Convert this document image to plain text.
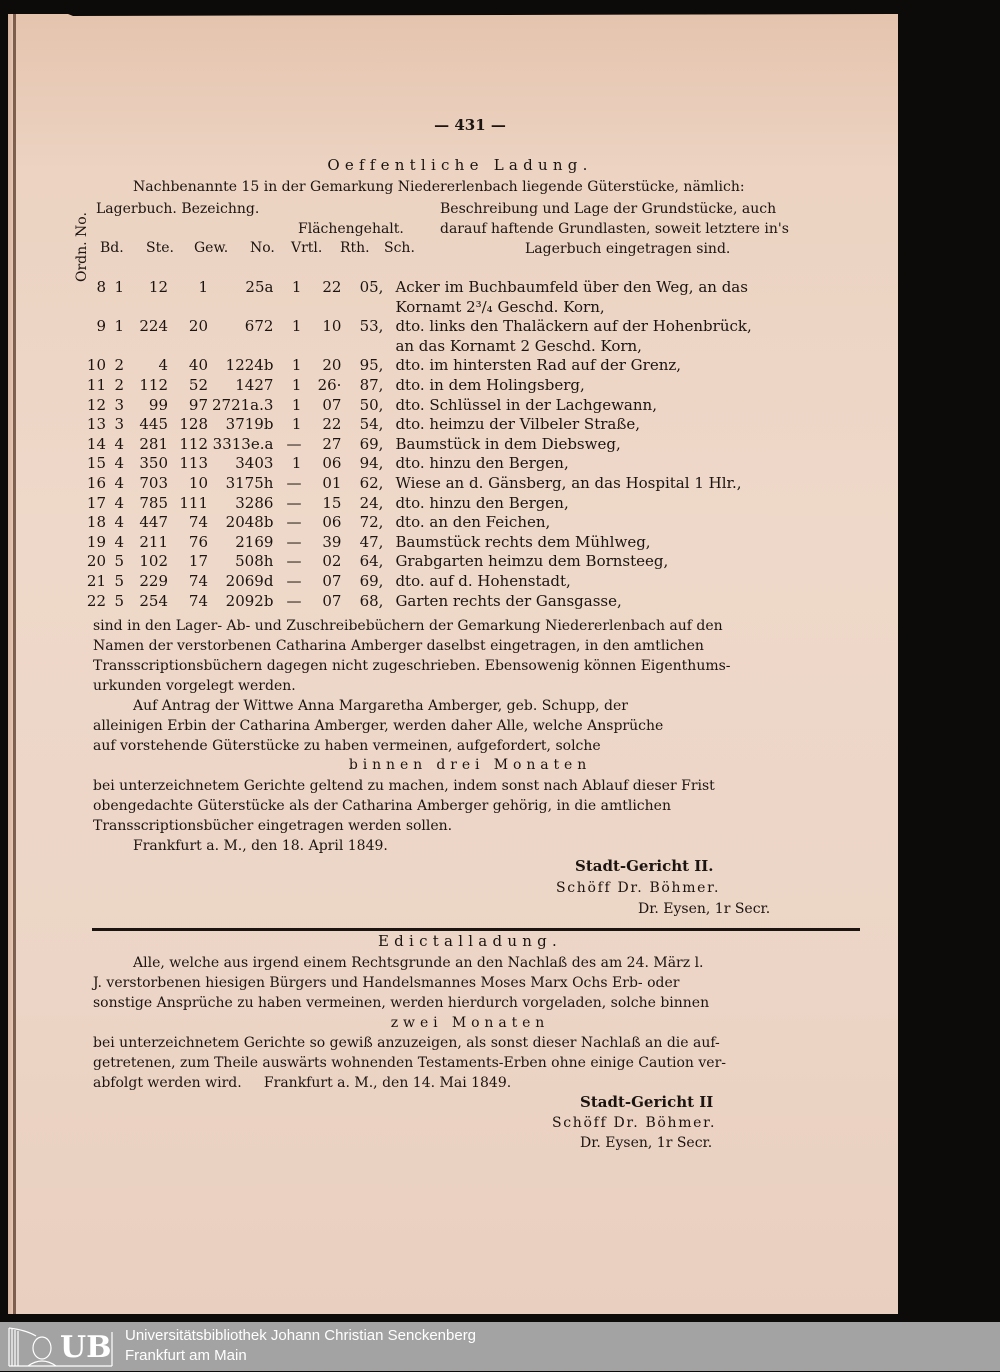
— 431 —
Oeffentliche Ladung.
Nachbenannte 15 in der Gemarkung Niedererlenbach liegende Güterstücke, nämlich:
Ordn. No.
Lagerbuch. Bezeichng.
Flächengehalt.
Beschreibung und Lage der Grundstücke, auch
darauf haftende Grundlasten, soweit letztere in's
Lagerbuch eingetragen sind.
Bd. Ste. Gew. No. Vrtl. Rth. Sch.
8	1	12	1	25a	1	22	05,	Acker im Buchbaumfeld über den Weg, an das
								Kornamt 2³/₄ Geschd. Korn,
9	1	224	20	672	1	10	53,	dto. links den Thaläckern auf der Hohenbrück,
								an das Kornamt 2 Geschd. Korn,
10	2	4	40	1224b	1	20	95,	dto. im hintersten Rad auf der Grenz,
11	2	112	52	1427	1	26·	87,	dto. in dem Holingsberg,
12	3	99	97	2721a.3	1	07	50,	dto. Schlüssel in der Lachgewann,
13	3	445	128	3719b	1	22	54,	dto. heimzu der Vilbeler Straße,
14	4	281	112	3313e.a	—	27	69,	Baumstück in dem Diebsweg,
15	4	350	113	3403	1	06	94,	dto. hinzu den Bergen,
16	4	703	10	3175h	—	01	62,	Wiese an d. Gänsberg, an das Hospital 1 Hlr.,
17	4	785	111	3286	—	15	24,	dto. hinzu den Bergen,
18	4	447	74	2048b	—	06	72,	dto. an den Feichen,
19	4	211	76	2169	—	39	47,	Baumstück rechts dem Mühlweg,
20	5	102	17	508h	—	02	64,	Grabgarten heimzu dem Bornsteeg,
21	5	229	74	2069d	—	07	69,	dto. auf d. Hohenstadt,
22	5	254	74	2092b	—	07	68,	Garten rechts der Gansgasse,
sind in den Lager- Ab- und Zuschreibebüchern der Gemarkung Niedererlenbach auf den
Namen der verstorbenen Catharina Amberger daselbst eingetragen, in den amtlichen
Transscriptionsbüchern dagegen nicht zugeschrieben. Ebensowenig können Eigenthums-
urkunden vorgelegt werden.
Auf Antrag der Wittwe Anna Margaretha Amberger, geb. Schupp, der
alleinigen Erbin der Catharina Amberger, werden daher Alle, welche Ansprüche
auf vorstehende Güterstücke zu haben vermeinen, aufgefordert, solche
binnen drei Monaten
bei unterzeichnetem Gerichte geltend zu machen, indem sonst nach Ablauf dieser Frist
obengedachte Güterstücke als der Catharina Amberger gehörig, in die amtlichen
Transscriptionsbücher eingetragen werden sollen.
Frankfurt a. M., den 18. April 1849.
Stadt-Gericht II.
Schöff Dr. Böhmer.
Dr. Eysen, 1r Secr.
Edictalladung.
Alle, welche aus irgend einem Rechtsgrunde an den Nachlaß des am 24. März l.
J. verstorbenen hiesigen Bürgers und Handelsmannes Moses Marx Ochs Erb- oder
sonstige Ansprüche zu haben vermeinen, werden hierdurch vorgeladen, solche binnen
zwei Monaten
bei unterzeichnetem Gerichte so gewiß anzuzeigen, als sonst dieser Nachlaß an die auf-
getretenen, zum Theile auswärts wohnenden Testaments-Erben ohne einige Caution ver-
abfolgt werden wird.     Frankfurt a. M., den 14. Mai 1849.
Stadt-Gericht II
Schöff Dr. Böhmer.
Dr. Eysen, 1r Secr.
UB Universitätsbibliothek Johann Christian Senckenberg
Frankfurt am Main
